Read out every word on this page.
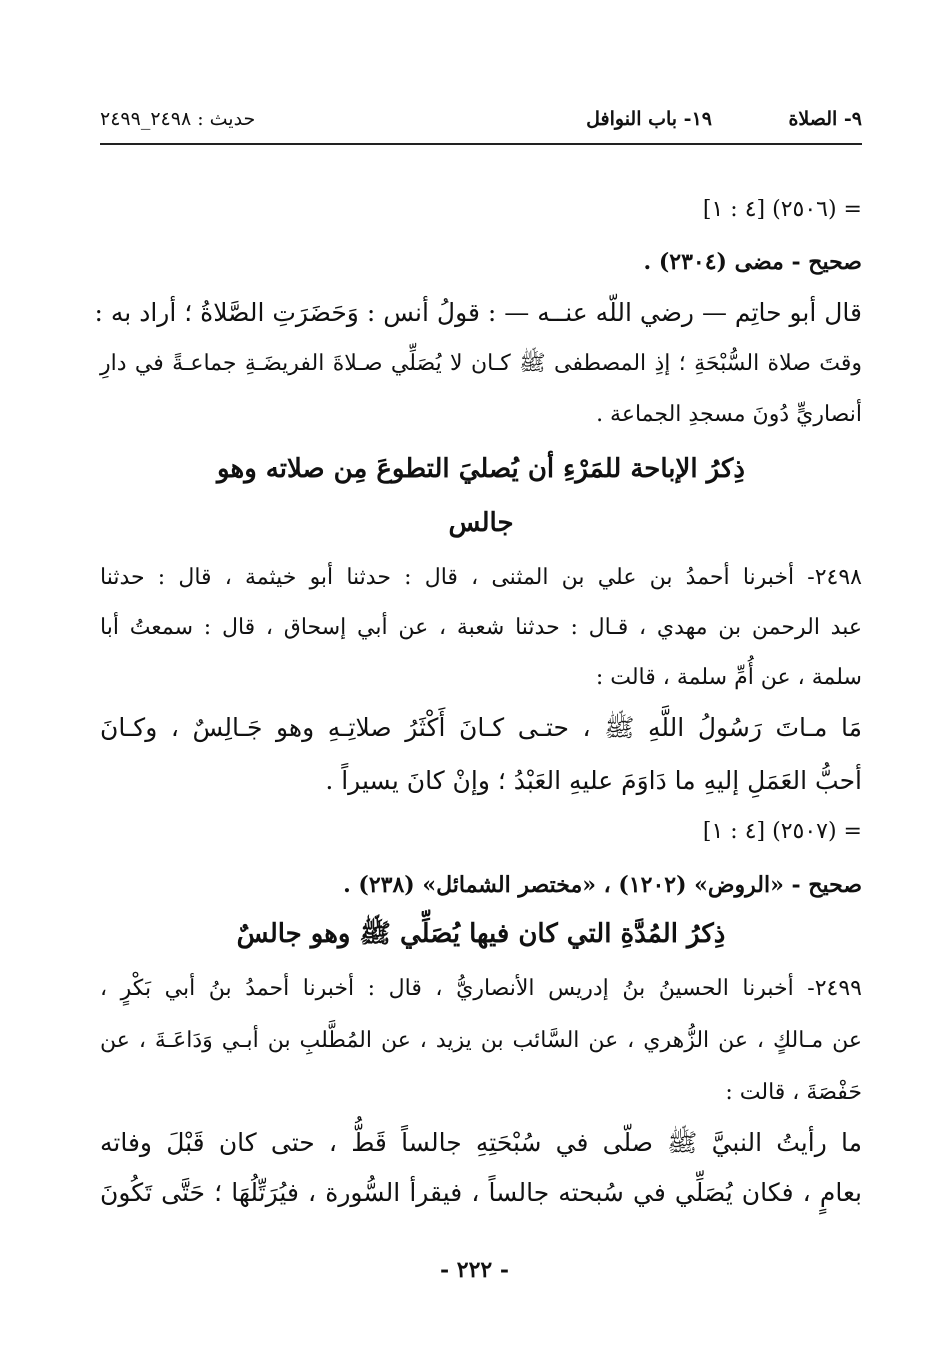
٩- الصلاة
١٩- باب النوافل
حديث : ٢٤٩٨_٢٤٩٩
= (٢٥٠٦) [٤ : ١]
صحيح - مضى (٢٣٠٤) .
قال أبو حاتِم — رضي اللّه عنــه — : قولُ أنس : وَحَضَرَتِ الصَّلاةُ ؛ أراد به :
وقتَ صلاة السُّبْحَةِ ؛ إذِ المصطفى ﷺ كـان لا يُصَلِّي صـلاةَ الفريضَـةِ جماعـةً في دارِ
أنصاريٍّ دُونَ مسجدِ الجماعة .
ذِكرُ الإباحة للمَرْءِ أن يُصليَ التطوعَ مِن صلاته وهو
جالس
٢٤٩٨- أخبرنا أحمدُ بن علي بن المثنى ، قال : حدثنا أبو خيثمة ، قال : حدثنا
عبد الرحمن بن مهدي ، قـال : حدثنا شعبة ، عن أبي إسحاق ، قال : سمعتُ أبا
سلمة ، عن أُمِّ سلمة ، قالت :
مَا مـاتَ رَسُولُ اللَّهِ ﷺ ، حتـى كـانَ أَكْثَرُ صلاتِـهِ وهو جَـالِسٌ ، وكـانَ
أحبُّ العَمَلِ إليهِ ما دَاوَمَ عليهِ العَبْدُ ؛ وإنْ كانَ يسيراً .
= (٢٥٠٧) [٤ : ١]
صحيح - «الروض» (١٢٠٢) ، «مختصر الشمائل» (٢٣٨) .
ذِكرُ المُدَّةِ التي كان فيها يُصَلِّي ﷺ وهو جالسٌ
٢٤٩٩- أخبرنا الحسينُ بنُ إدريس الأنصاريُّ ، قال : أخبرنا أحمدُ بنُ أبي بَكْرٍ ،
عن مـالكٍ ، عن الزُّهري ، عن السَّائب بن يزيد ، عن المُطَّلبِ بن أبـي وَدَاعَـةَ ، عن
حَفْصَةَ ، قالت :
ما رأيتُ النبيَّ ﷺ صلّى في سُبْحَتِهِ جالساً قَطُّ ، حتى كان قَبْلَ وفاته
بعامٍ ، فكان يُصَلِّي في سُبحته جالساً ، فيقرأ السُّورة ، فيُرَتِّلُهَا ؛ حَتَّى تَكُونَ
- ٢٢٢ -
